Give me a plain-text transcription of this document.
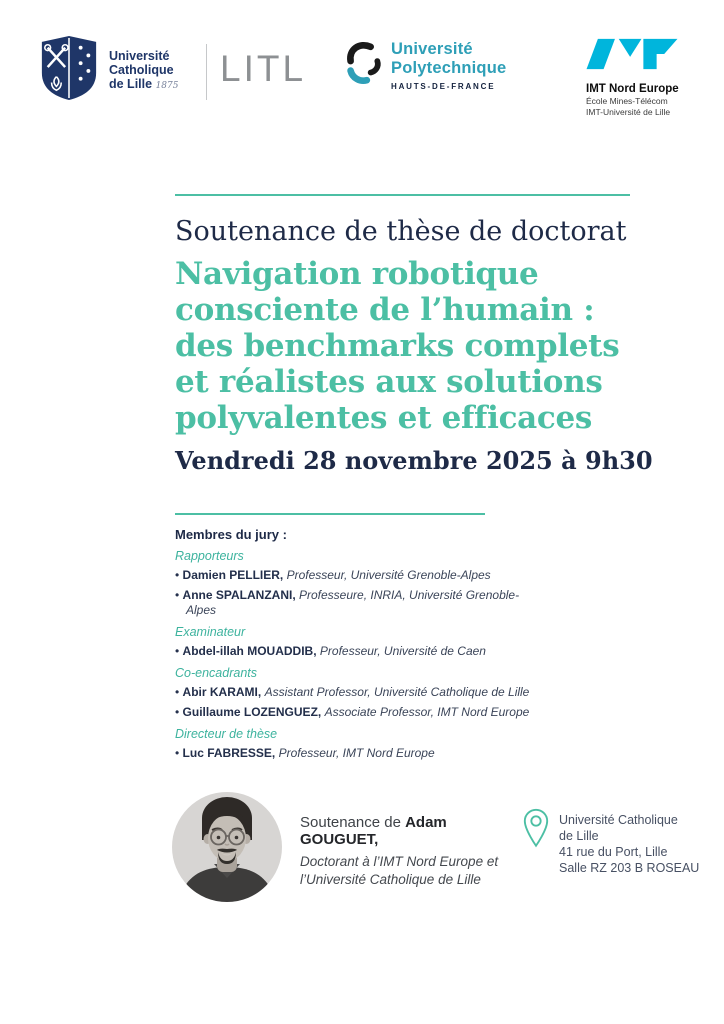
Université
Catholique
de Lille 1875 LITL	Université
Polytechnique
HAUTS-DE-FRANCE	IMT Nord Europe
École Mines-Télécom
IMT-Université de Lille
Soutenance de thèse de doctorat
Navigation robotique
consciente de l’humain :
des benchmarks complets
et réalistes aux solutions
polyvalentes et efficaces
Vendredi 28 novembre 2025 à 9h30
Membres du jury :
Rapporteurs
• Damien PELLIER, Professeur, Université Grenoble-Alpes
• Anne SPALANZANI, Professeure, INRIA, Université Grenoble-Alpes
Examinateur
• Abdel-illah MOUADDIB, Professeur, Université de Caen
Co-encadrants
• Abir KARAMI, Assistant Professor, Université Catholique de Lille
• Guillaume LOZENGUEZ, Associate Professor, IMT Nord Europe
Directeur de thèse
• Luc FABRESSE, Professeur, IMT Nord Europe
Soutenance de Adam GOUGUET,
Doctorant à l’IMT Nord Europe et
l’Université Catholique de Lille
Université Catholique
de Lille
41 rue du Port, Lille
Salle RZ 203 B ROSEAU
